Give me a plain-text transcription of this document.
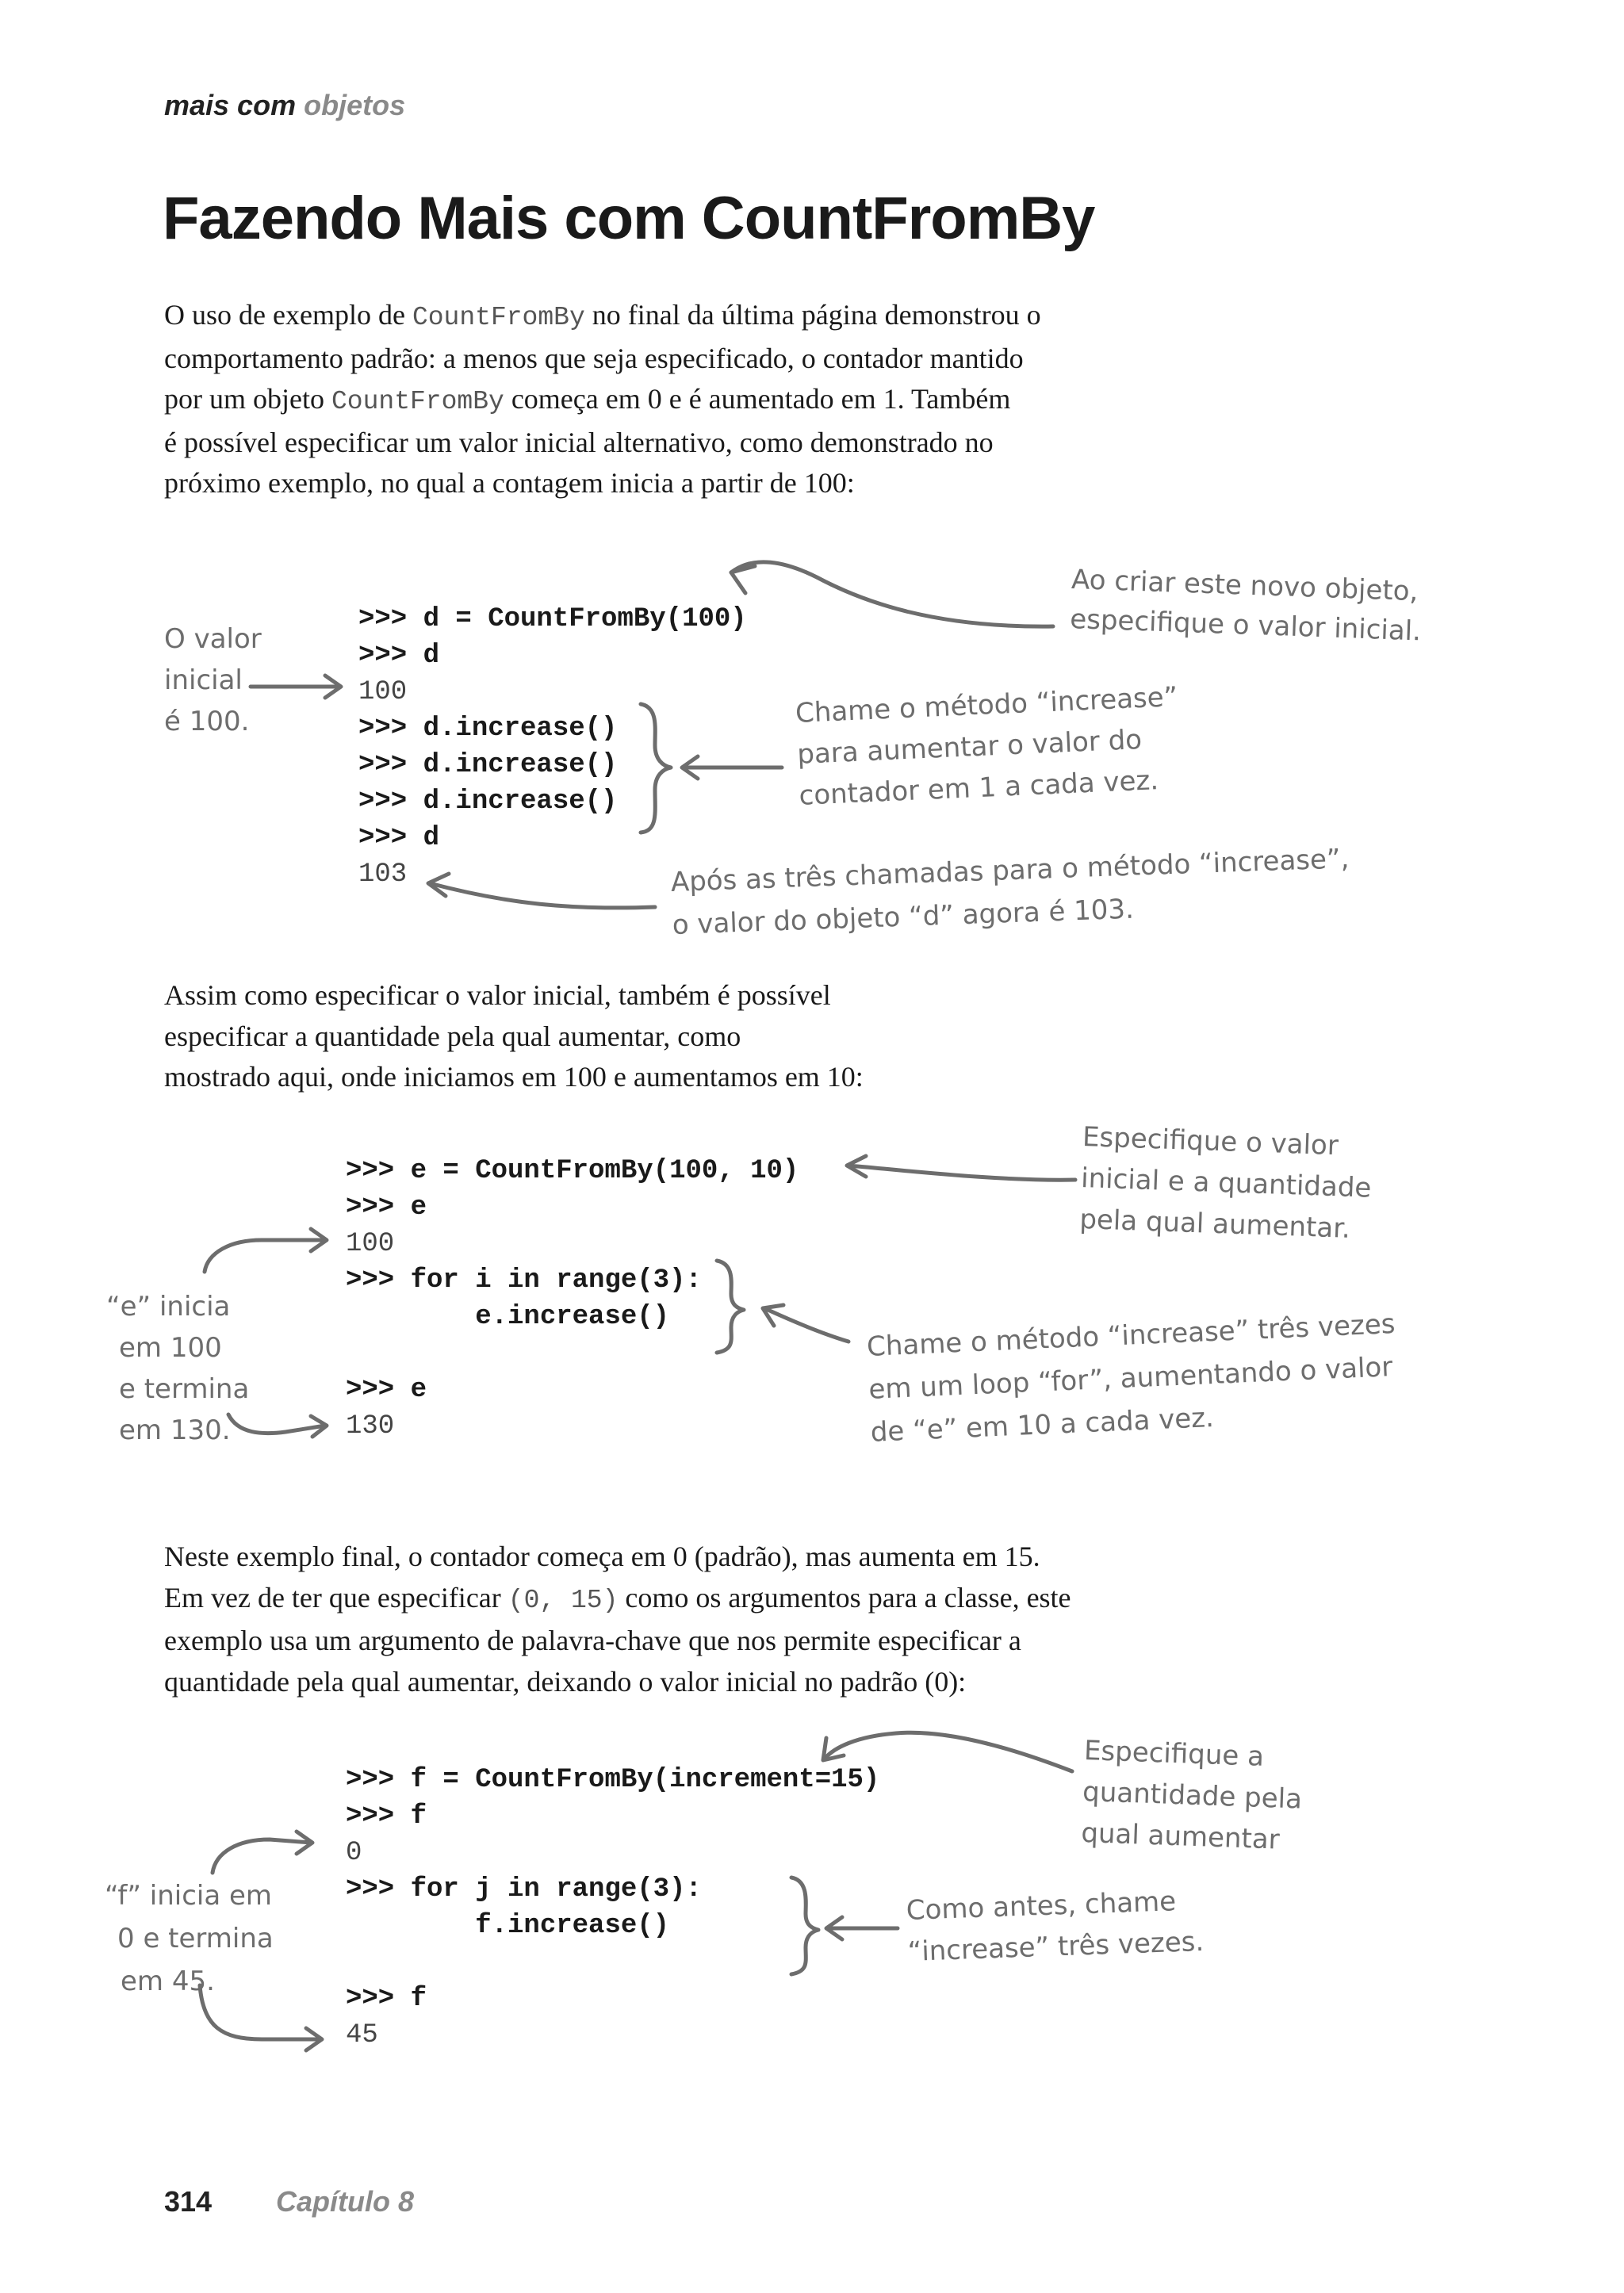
mais com objetos
Fazendo Mais com CountFromBy

O uso de exemplo de CountFromBy no final da última página demonstrou o
comportamento padrão: a menos que seja especificado, o contador mantido
por um objeto CountFromBy começa em 0 e é aumentado em 1. Também
é possível especificar um valor inicial alternativo, como demonstrado no
próximo exemplo, no qual a contagem inicia a partir de 100:

>>> d = CountFromBy(100)
>>> d
100
>>> d.increase()
>>> d.increase()
>>> d.increase()
>>> d
103
Ao criar este novo objeto,
especifique o valor inicial.
O valor
inicial
é 100.	Chame o método “increase”
para aumentar o valor do
contador em 1 a cada vez.
Após as três chamadas para o método “increase”,
o valor do objeto “d” agora é 103.

Assim como especificar o valor inicial, também é possível
especificar a quantidade pela qual aumentar, como
mostrado aqui, onde iniciamos em 100 e aumentamos em 10:

>>> e = CountFromBy(100, 10)
>>> e
100
>>> for i in range(3):
e.increase()
>>> e
130
Especifique o valor
inicial e a quantidade
pela qual aumentar.
“e” inicia
em 100
e termina
em 130.
Chame o método “increase” três vezes
em um loop “for”, aumentando o valor
de “e” em 10 a cada vez.

Neste exemplo final, o contador começa em 0 (padrão), mas aumenta em 15.
Em vez de ter que especificar (0, 15) como os argumentos para a classe, este
exemplo usa um argumento de palavra-chave que nos permite especificar a
quantidade pela qual aumentar, deixando o valor inicial no padrão (0):

>>> f = CountFromBy(increment=15)
>>> f
0
>>> for j in range(3):
f.increase()
>>> f
45
Especifique a
quantidade pela
qual aumentar
“f” inicia em
0 e termina
em 45.
Como antes, chame
“increase” três vezes.
314 Capítulo 8
